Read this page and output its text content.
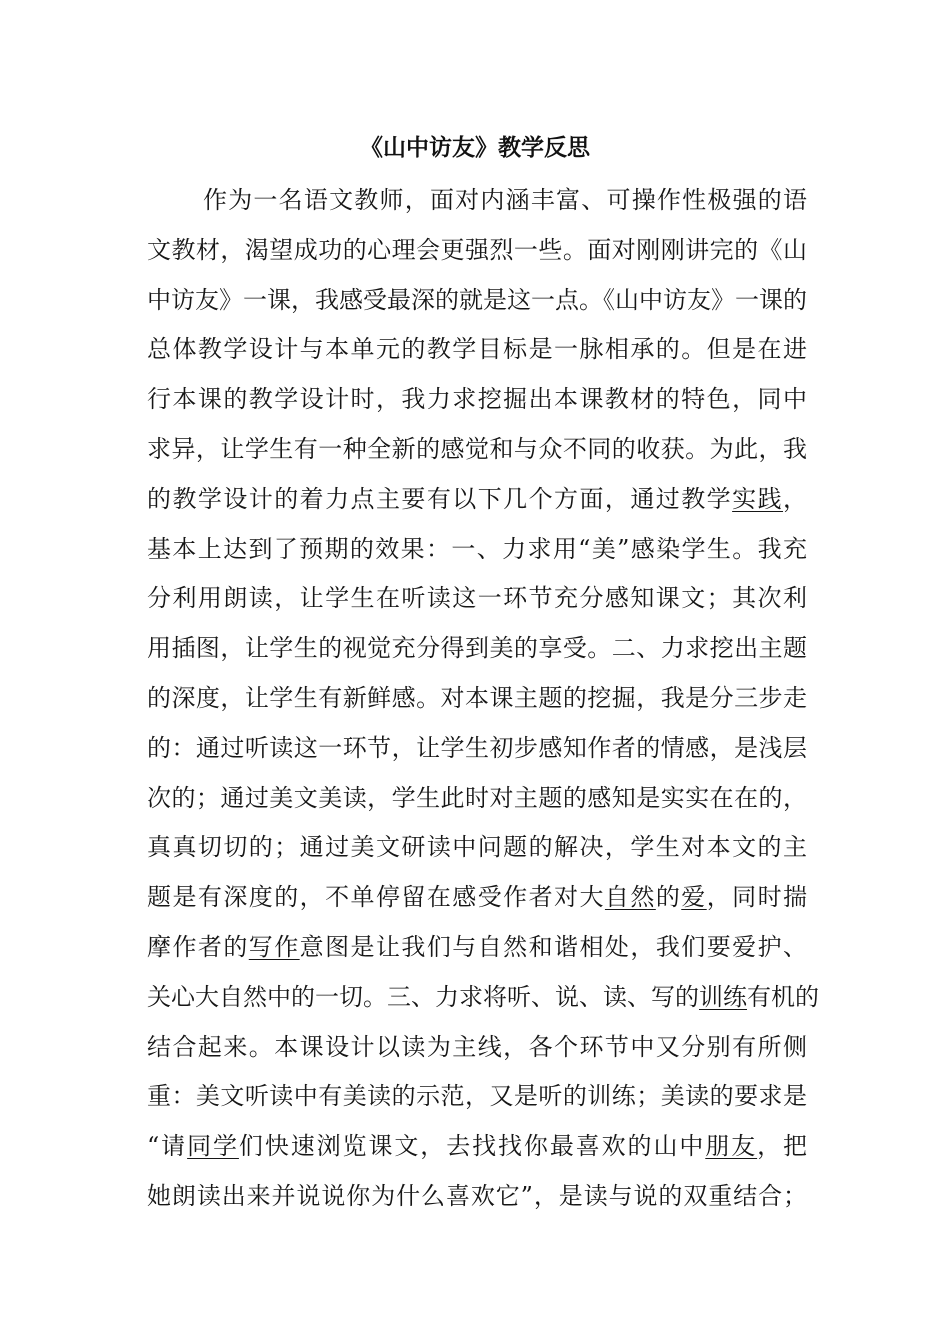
《山中访友》教学反思
作为一名语文教师，面对内涵丰富、可操作性极强的语
文教材，渴望成功的心理会更强烈一些。面对刚刚讲完的《山
中访友》一课，我感受最深的就是这一点。《山中访友》一课的
总体教学设计与本单元的教学目标是一脉相承的。但是在进
行本课的教学设计时，我力求挖掘出本课教材的特色，同中
求异，让学生有一种全新的感觉和与众不同的收获。为此，我
的教学设计的着力点主要有以下几个方面，通过教学实践，
基本上达到了预期的效果：一、力求用“美”感染学生。我充
分利用朗读，让学生在听读这一环节充分感知课文；其次利
用插图，让学生的视觉充分得到美的享受。二、力求挖出主题
的深度，让学生有新鲜感。对本课主题的挖掘，我是分三步走
的：通过听读这一环节，让学生初步感知作者的情感，是浅层
次的；通过美文美读，学生此时对主题的感知是实实在在的，
真真切切的；通过美文研读中问题的解决，学生对本文的主
题是有深度的，不单停留在感受作者对大自然的爱，同时揣
摩作者的写作意图是让我们与自然和谐相处，我们要爱护、
关心大自然中的一切。三、力求将听、说、读、写的训练有机的
结合起来。本课设计以读为主线，各个环节中又分别有所侧
重：美文听读中有美读的示范，又是听的训练；美读的要求是
“请同学们快速浏览课文，去找找你最喜欢的山中朋友，把
她朗读出来并说说你为什么喜欢它”，是读与说的双重结合；
